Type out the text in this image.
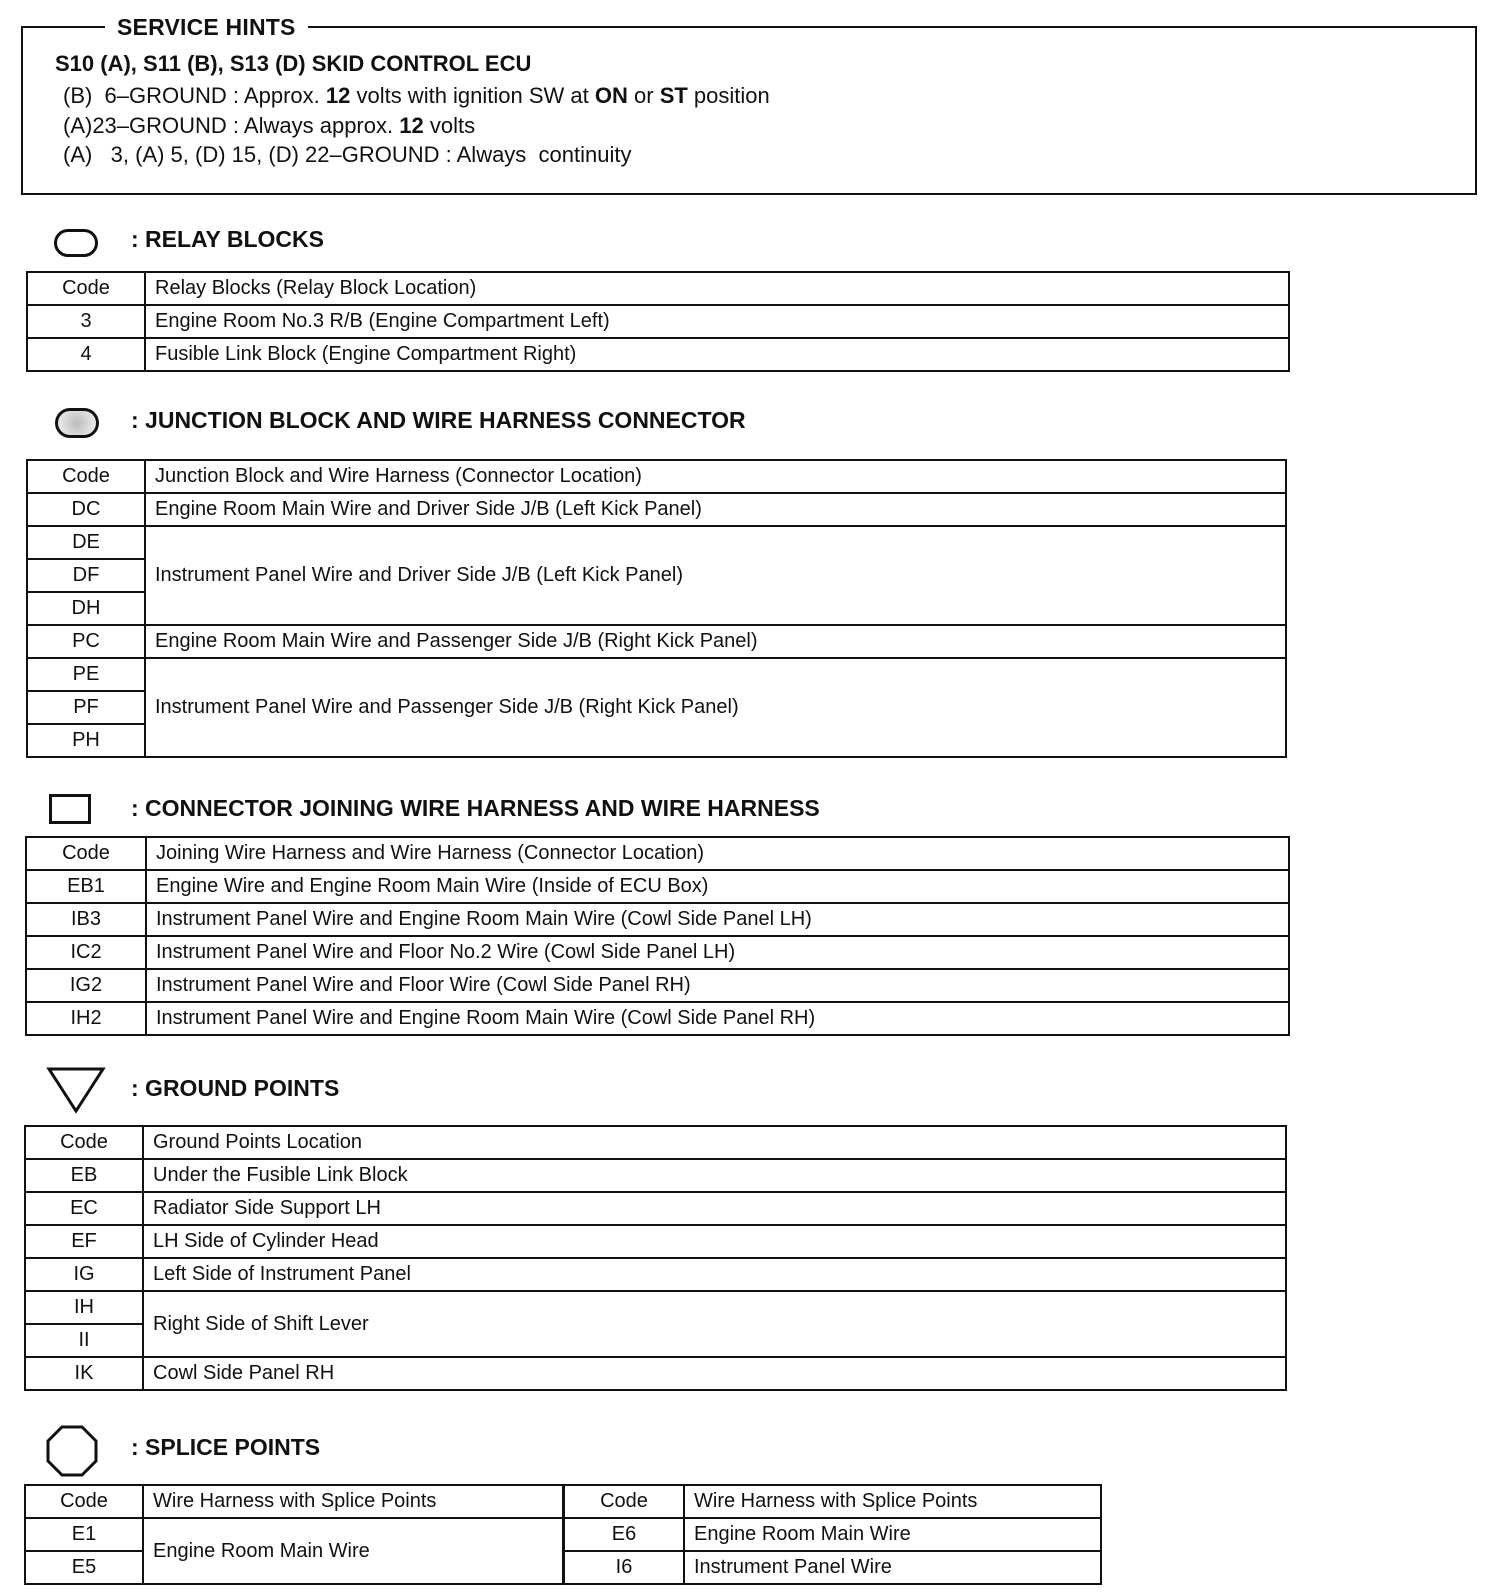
SERVICE HINTS
S10 (A), S11 (B), S13 (D) SKID CONTROL ECU
(B)  6–GROUND : Approx. 12 volts with ignition SW at ON or ST position
(A)23–GROUND : Always approx. 12 volts
(A)   3, (A) 5, (D) 15, (D) 22–GROUND : Always  continuity
: RELAY BLOCKS
Code	Relay Blocks (Relay Block Location)
3	Engine Room No.3 R/B (Engine Compartment Left)
4	Fusible Link Block (Engine Compartment Right)
: JUNCTION BLOCK AND WIRE HARNESS CONNECTOR
Code	Junction Block and Wire Harness (Connector Location)
DC	Engine Room Main Wire and Driver Side J/B (Left Kick Panel)
DE	Instrument Panel Wire and Driver Side J/B (Left Kick Panel)
DF	
DH	
PC	Engine Room Main Wire and Passenger Side J/B (Right Kick Panel)
PE	Instrument Panel Wire and Passenger Side J/B (Right Kick Panel)
PF	
PH	
: CONNECTOR JOINING WIRE HARNESS AND WIRE HARNESS
Code	Joining Wire Harness and Wire Harness (Connector Location)
EB1	Engine Wire and Engine Room Main Wire (Inside of ECU Box)
IB3	Instrument Panel Wire and Engine Room Main Wire (Cowl Side Panel LH)
IC2	Instrument Panel Wire and Floor No.2 Wire (Cowl Side Panel LH)
IG2	Instrument Panel Wire and Floor Wire (Cowl Side Panel RH)
IH2	Instrument Panel Wire and Engine Room Main Wire (Cowl Side Panel RH)
: GROUND POINTS
Code	Ground Points Location
EB	Under the Fusible Link Block
EC	Radiator Side Support LH
EF	LH Side of Cylinder Head
IG	Left Side of Instrument Panel
IH	Right Side of Shift Lever
II	
IK	Cowl Side Panel RH
: SPLICE POINTS
Code	Wire Harness with Splice Points
E1	Engine Room Main Wire
E5	
Code	Wire Harness with Splice Points
E6	Engine Room Main Wire
I6	Instrument Panel Wire
